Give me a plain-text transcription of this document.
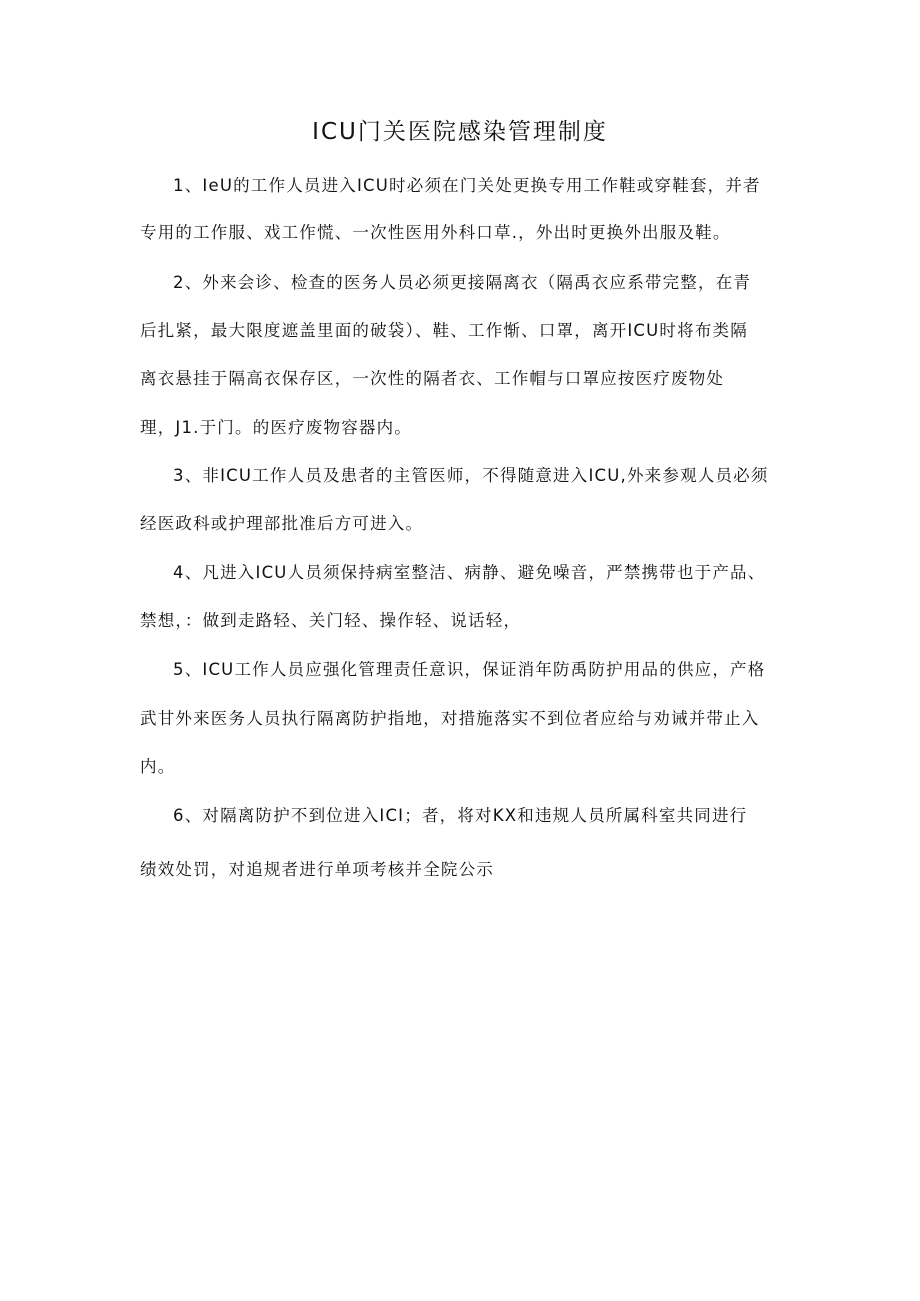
ICU门关医院感染管理制度
1、IeU的工作人员进入ICU时必须在门关处更换专用工作鞋或穿鞋套，并者
专用的工作服、戏工作慌、一次性医用外科口草.，外出时更换外出服及鞋。
2、外来会诊、检查的医务人员必须更接隔离衣（隔禹衣应系带完整，在青
后扎紧，最大限度遮盖里面的破袋）、鞋、工作惭、口罩，离开ICU时将布类隔
离衣悬挂于隔高衣保存区，一次性的隔者衣、工作帽与口罩应按医疗废物处
理，J1.于门。的医疗废物容器内。
3、非ICU工作人员及患者的主管医师，不得随意进入ICU,外来参观人员必须
经医政科或护理部批准后方可进入。
4、凡进入ICU人员须保持病室整洁、病静、避免噪音，严禁携带也于产品、
禁想，：做到走路轻、关门轻、操作轻、说话轻，
5、ICU工作人员应强化管理责任意识，保证消年防禹防护用品的供应，产格
武甘外来医务人员执行隔离防护指地，对措施落实不到位者应给与劝诫并带止入
内。
6、对隔离防护不到位进入ICI；者，将对KX和违规人员所属科室共同进行
绩效处罚，对追规者进行单项考核并全院公示
